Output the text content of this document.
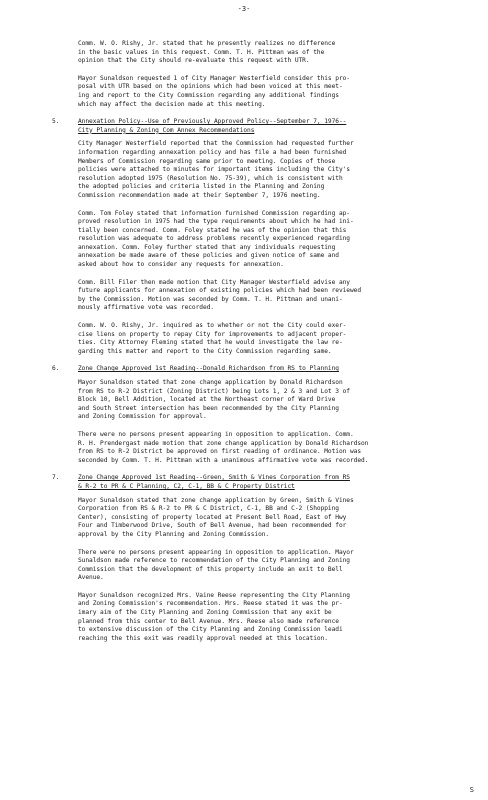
-3-

Comm. W. O. Rishy, Jr. stated that he presently realizes no difference
in the basic values in this request. Comm. T. H. Pittman was of the
opinion that the City should re-evaluate this request with UTR.

Mayor Sunaldson requested 1 of City Manager Westerfield consider this pro-
posal with UTR based on the opinions which had been voiced at this meet-
ing and report to the City Commission regarding any additional findings
which may affect the decision made at this meeting.

5.	Annexation Policy--Use of Previously Approved Policy--September 7, 1976--
City Planning & Zoning Com Annex Recommendations

City Manager Westerfield reported that the Commission had requested further
information regarding annexation policy and has file a had been furnished
Members of Commission regarding same prior to meeting. Copies of those
policies were attached to minutes for important items including the City's
resolution adopted 1975 (Resolution No. 75-39), which is consistent with
the adopted policies and criteria listed in the Planning and Zoning
Commission recommendation made at their September 7, 1976 meeting.

Comm. Tom Foley stated that information furnished Commission regarding ap-
proved resolution in 1975 had the type requirements about which he had ini-
tially been concerned. Comm. Foley stated he was of the opinion that this
resolution was adequate to address problems recently experienced regarding
annexation. Comm. Foley further stated that any individuals requesting
annexation be made aware of these policies and given notice of same and
asked about how to consider any requests for annexation.

Comm. Bill Filer then made motion that City Manager Westerfield advise any
future applicants for annexation of existing policies which had been reviewed
by the Commission. Motion was seconded by Comm. T. H. Pittman and unani-
mously affirmative vote was recorded.

Comm. W. O. Rishy, Jr. inquired as to whether or not the City could exer-
cise liens on property to repay City for improvements to adjacent proper-
ties. City Attorney Fleming stated that he would investigate the law re-
garding this matter and report to the City Commission regarding same.

6.	Zone Change Approved 1st Reading--Donald Richardson from RS to Planning

Mayor Sunaldson stated that zone change application by Donald Richardson
from RS to R-2 District (Zoning District) being Lots 1, 2 & 3 and Lot 3 of
Block 10, Bell Addition, located at the Northeast corner of Ward Drive
and South Street intersection has been recommended by the City Planning
and Zoning Commission for approval.

There were no persons present appearing in opposition to application. Comm.
R. H. Prendergast made motion that zone change application by Donald Richardson
from RS to R-2 District be approved on first reading of ordinance. Motion was
seconded by Comm. T. H. Pittman with a unanimous affirmative vote was recorded.

7.	Zone Change Approved 1st Reading--Green, Smith & Vines Corporation from RS
& R-2 to PR & C Planning, C2, C-1, BB & C Property District

Mayor Sunaldson stated that zone change application by Green, Smith & Vines
Corporation from RS & R-2 to PR & C District, C-1, BB and C-2 (Shopping
Center), consisting of property located at Present Bell Road, East of Hwy
Four and Timberwood Drive, South of Bell Avenue, had been recommended for
approval by the City Planning and Zoning Commission.

There were no persons present appearing in opposition to application. Mayor
Sunaldson made reference to recommendation of the City Planning and Zoning
Commission that the development of this property include an exit to Bell
Avenue.

Mayor Sunaldson recognized Mrs. Vaine Reese representing the City Planning
and Zoning Commission's recommendation. Mrs. Reese stated it was the pr-
imary aim of the City Planning and Zoning Commission that any exit be
planned from this center to Bell Avenue. Mrs. Reese also made reference
to extensive discussion of the City Planning and Zoning Commission leadi
reaching the this exit was readily approval needed at this location.

S
